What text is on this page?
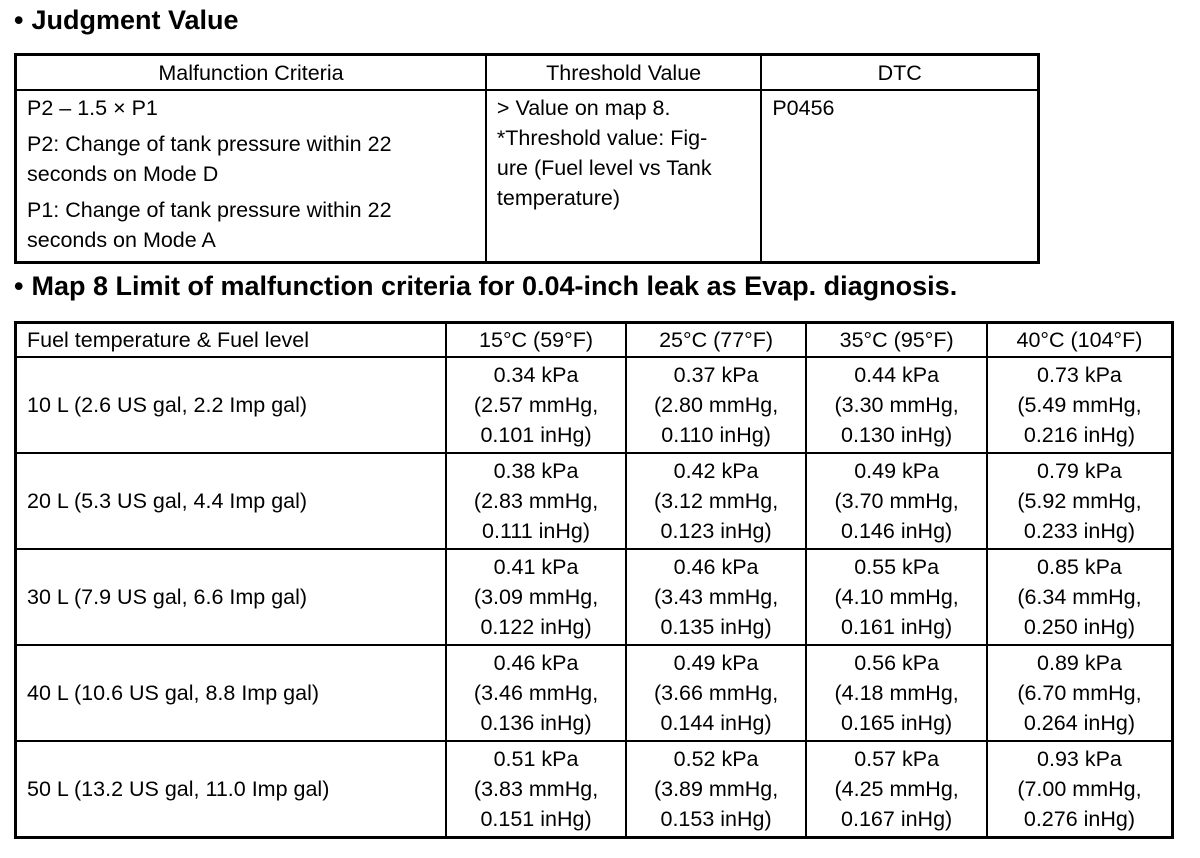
• Judgment Value
Malfunction Criteria	Threshold Value	DTC

P2 – 1.5 × P1
P2: Change of tank pressure within 22
seconds on Mode D
P1: Change of tank pressure within 22
seconds on Mode A	> Value on map 8.
*Threshold value: Fig-
ure (Fuel level vs Tank
temperature)	P0456
• Map 8 Limit of malfunction criteria for 0.04-inch leak as Evap. diagnosis.
Fuel temperature & Fuel level	15°C (59°F)	25°C (77°F)	35°C (95°F)	40°C (104°F)
10 L (2.6 US gal, 2.2 Imp gal)	0.34 kPa
(2.57 mmHg,
0.101 inHg)	0.37 kPa
(2.80 mmHg,
0.110 inHg)	0.44 kPa
(3.30 mmHg,
0.130 inHg)	0.73 kPa
(5.49 mmHg,
0.216 inHg)

20 L (5.3 US gal, 4.4 Imp gal)	0.38 kPa
(2.83 mmHg,
0.111 inHg)	0.42 kPa
(3.12 mmHg,
0.123 inHg)	0.49 kPa
(3.70 mmHg,
0.146 inHg)	0.79 kPa
(5.92 mmHg,
0.233 inHg)

30 L (7.9 US gal, 6.6 Imp gal)	0.41 kPa
(3.09 mmHg,
0.122 inHg)	0.46 kPa
(3.43 mmHg,
0.135 inHg)	0.55 kPa
(4.10 mmHg,
0.161 inHg)	0.85 kPa
(6.34 mmHg,
0.250 inHg)

40 L (10.6 US gal, 8.8 Imp gal)	0.46 kPa
(3.46 mmHg,
0.136 inHg)	0.49 kPa
(3.66 mmHg,
0.144 inHg)	0.56 kPa
(4.18 mmHg,
0.165 inHg)	0.89 kPa
(6.70 mmHg,
0.264 inHg)

50 L (13.2 US gal, 11.0 Imp gal)	0.51 kPa
(3.83 mmHg,
0.151 inHg)	0.52 kPa
(3.89 mmHg,
0.153 inHg)	0.57 kPa
(4.25 mmHg,
0.167 inHg)	0.93 kPa
(7.00 mmHg,
0.276 inHg)
